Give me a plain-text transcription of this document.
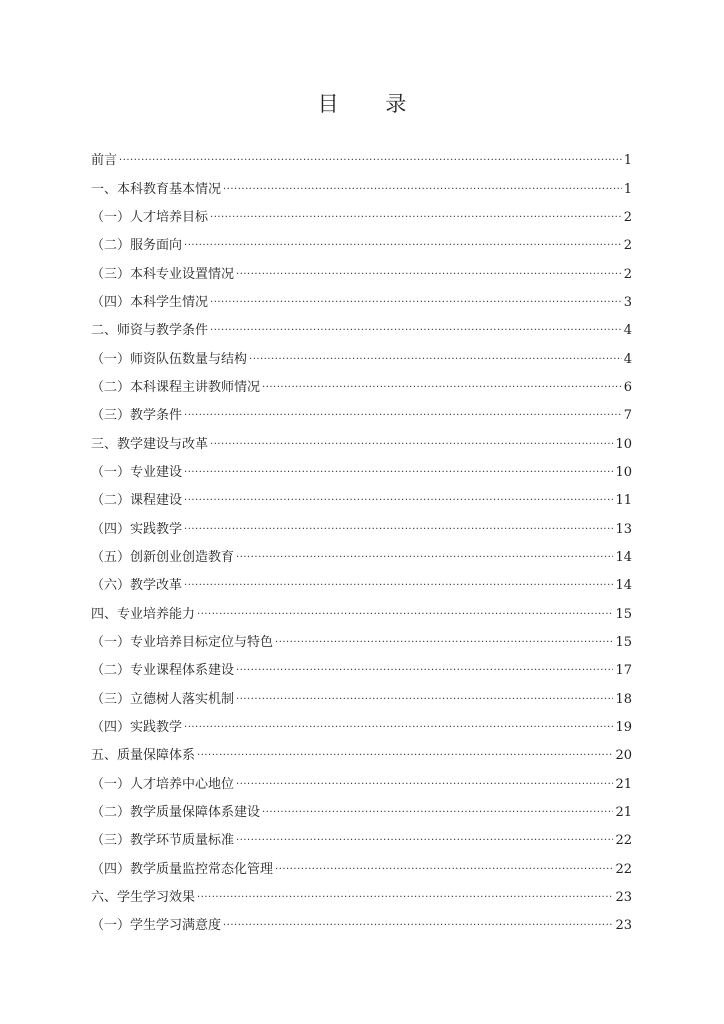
目 录
前言 ·····	1
一、本科教育基本情况 ·····	1
（一）人才培养目标 ·····	2
（二）服务面向 ·····	2
（三）本科专业设置情况 ·····	2
（四）本科学生情况 ·····	3
二、师资与教学条件 ·····	4
（一）师资队伍数量与结构 ·····	4
（二）本科课程主讲教师情况 ·····	6
（三）教学条件 ·····	7
三、教学建设与改革 ·····	10
（一）专业建设 ·····	10
（二）课程建设 ·····	11
（四）实践教学 ·····	13
（五）创新创业创造教育 ·····	14
（六）教学改革 ·····	14
四、专业培养能力 ·····	15
（一）专业培养目标定位与特色 ·····	15
（二）专业课程体系建设 ·····	17
（三）立德树人落实机制 ·····	18
（四）实践教学 ·····	19
五、质量保障体系 ·····	20
（一）人才培养中心地位 ·····	21
（二）教学质量保障体系建设 ·····	21
（三）教学环节质量标准 ·····	22
（四）教学质量监控常态化管理 ·····	22
六、学生学习效果 ·····	23
（一）学生学习满意度 ·····	23
